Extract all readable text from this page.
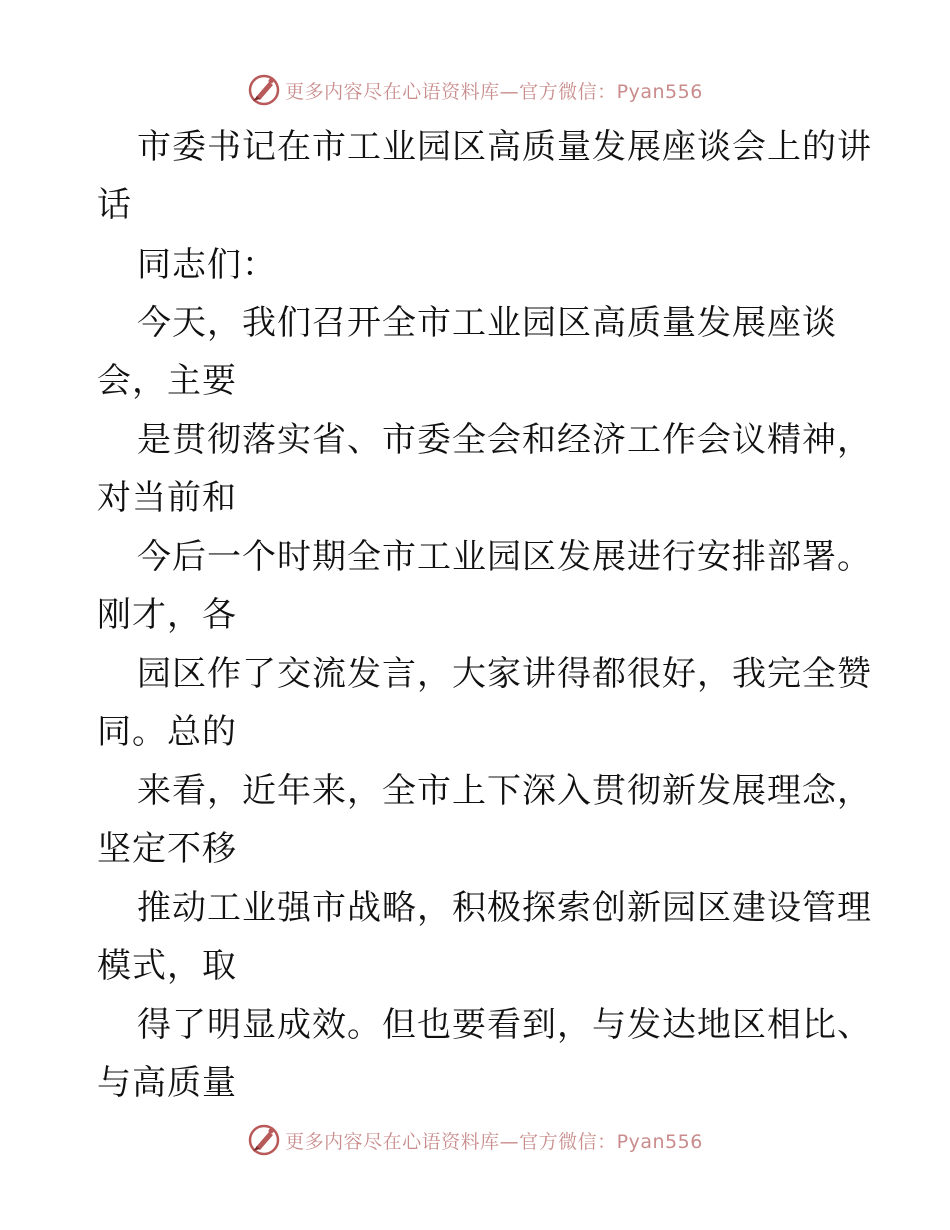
更多内容尽在心语资料库—官方微信：Pyan556
市委书记在市工业园区高质量发展座谈会上的讲
话
同志们：
今天，我们召开全市工业园区高质量发展座谈
会，主要
是贯彻落实省、市委全会和经济工作会议精神，
对当前和
今后一个时期全市工业园区发展进行安排部署。
刚才，各
园区作了交流发言，大家讲得都很好，我完全赞
同。总的
来看，近年来，全市上下深入贯彻新发展理念，
坚定不移
推动工业强市战略，积极探索创新园区建设管理
模式，取
得了明显成效。但也要看到，与发达地区相比、
与高质量
更多内容尽在心语资料库—官方微信：Pyan556
